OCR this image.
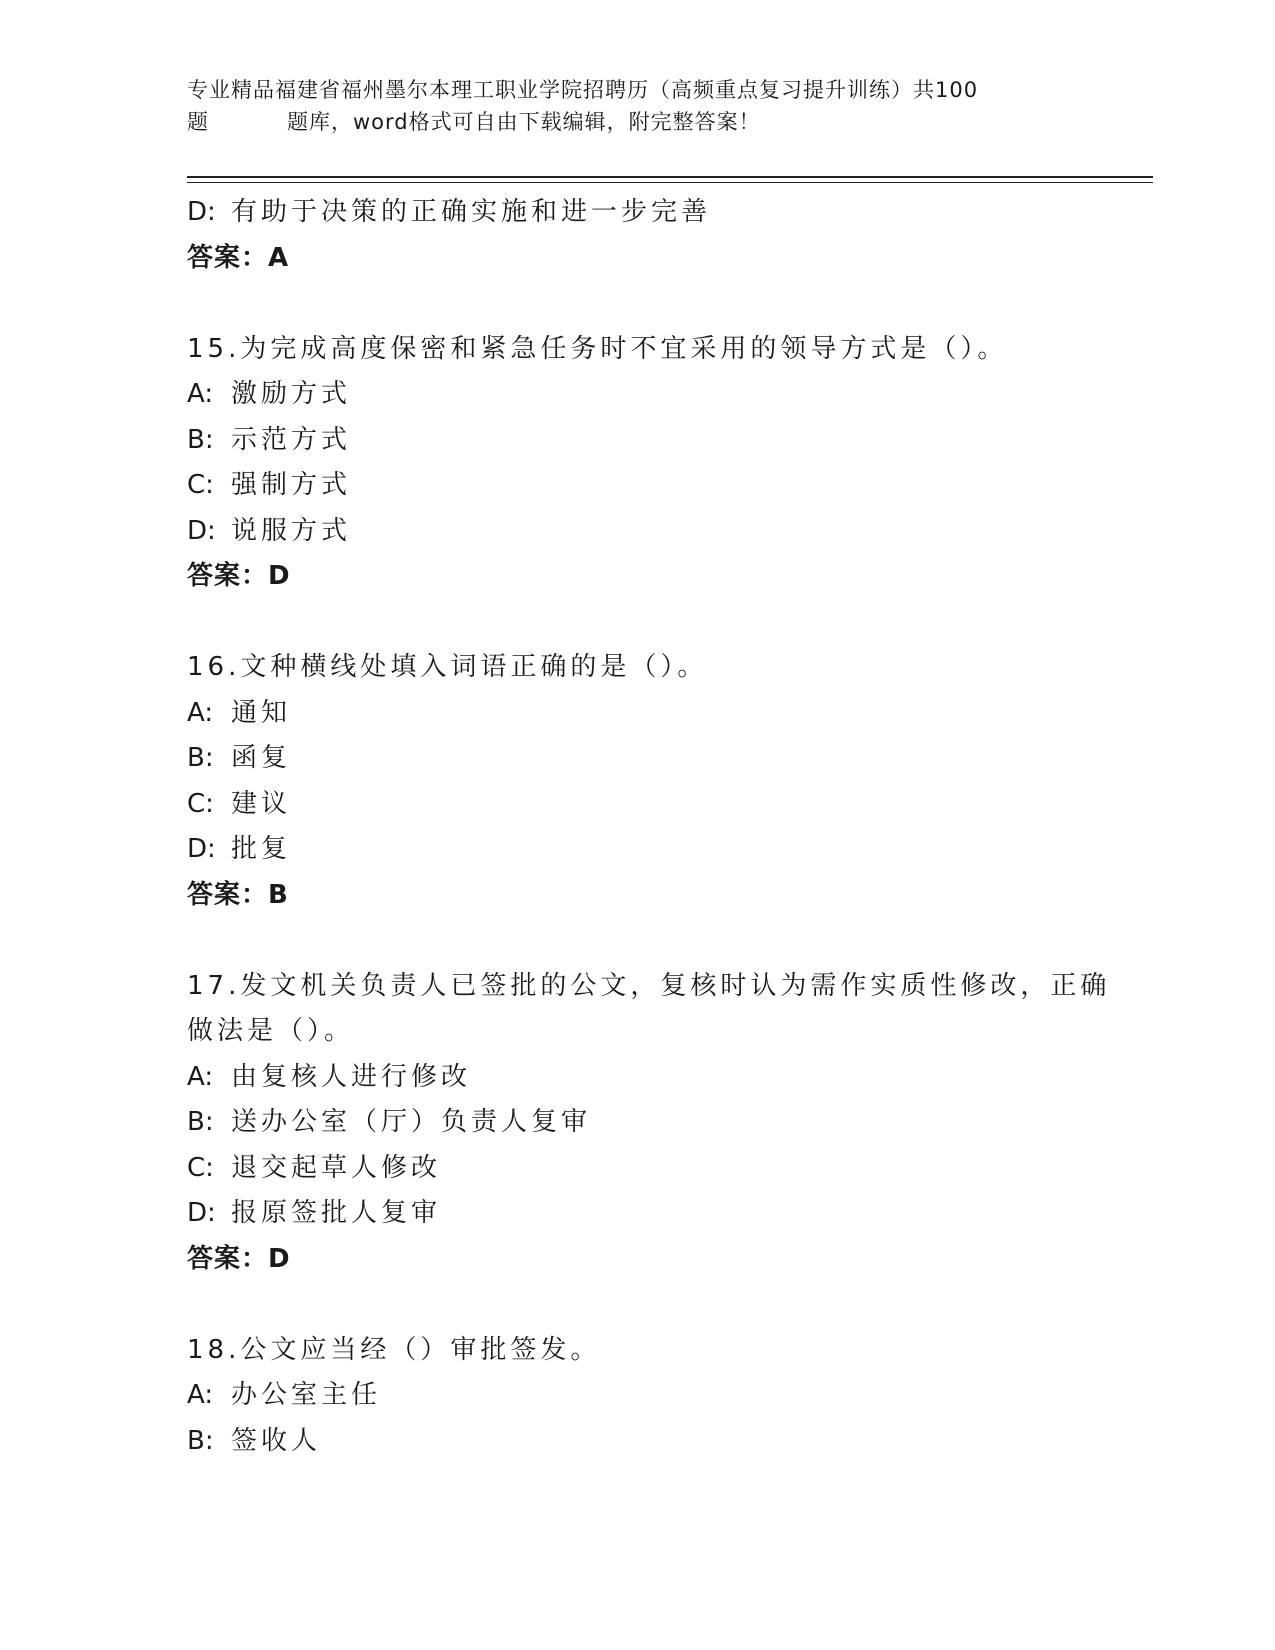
专业精品福建省福州墨尔本理工职业学院招聘历（高频重点复习提升训练）共100
题	题库，word格式可自由下载编辑，附完整答案！
D: 有助于决策的正确实施和进一步完善
答案：A
15.为完成高度保密和紧急任务时不宜采用的领导方式是（）。
A: 激励方式
B: 示范方式
C: 强制方式
D: 说服方式
答案：D
16.文种横线处填入词语正确的是（）。
A: 通知
B: 函复
C: 建议
D: 批复
答案：B
17.发文机关负责人已签批的公文，复核时认为需作实质性修改，正确
做法是（）。
A: 由复核人进行修改
B: 送办公室（厅）负责人复审
C: 退交起草人修改
D: 报原签批人复审
答案：D
18.公文应当经（）审批签发。
A: 办公室主任
B: 签收人
